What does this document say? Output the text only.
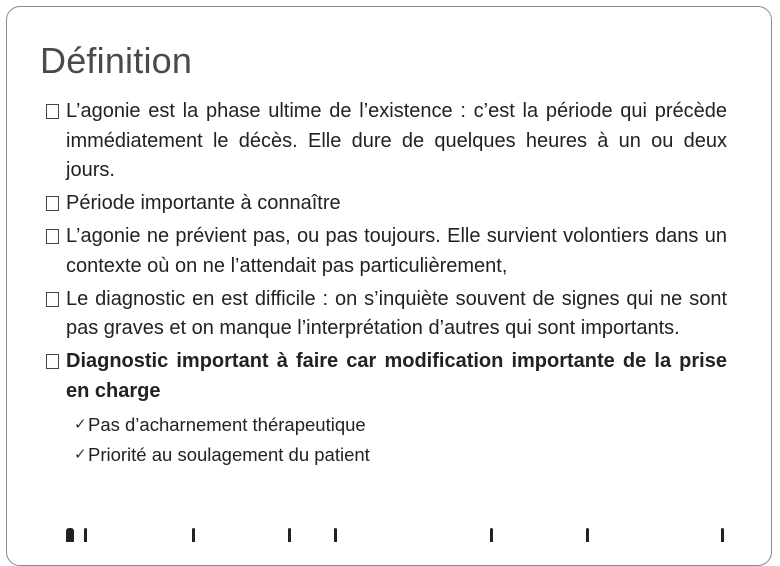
Définition
L’agonie est la phase ultime de l’existence : c’est la période qui précède immédiatement le décès. Elle dure de quelques heures à un ou deux jours.
Période importante à connaître
L’agonie ne prévient pas, ou pas toujours. Elle survient volontiers dans un contexte où on ne l’attendait pas particulièrement,
Le diagnostic en est difficile : on s’inquiète souvent de signes qui ne sont pas graves et on manque l’interprétation d’autres qui sont importants.
Diagnostic important à faire car modification importante de la prise en charge
✓ Pas d’acharnement thérapeutique
✓ Priorité au soulagement du patient
